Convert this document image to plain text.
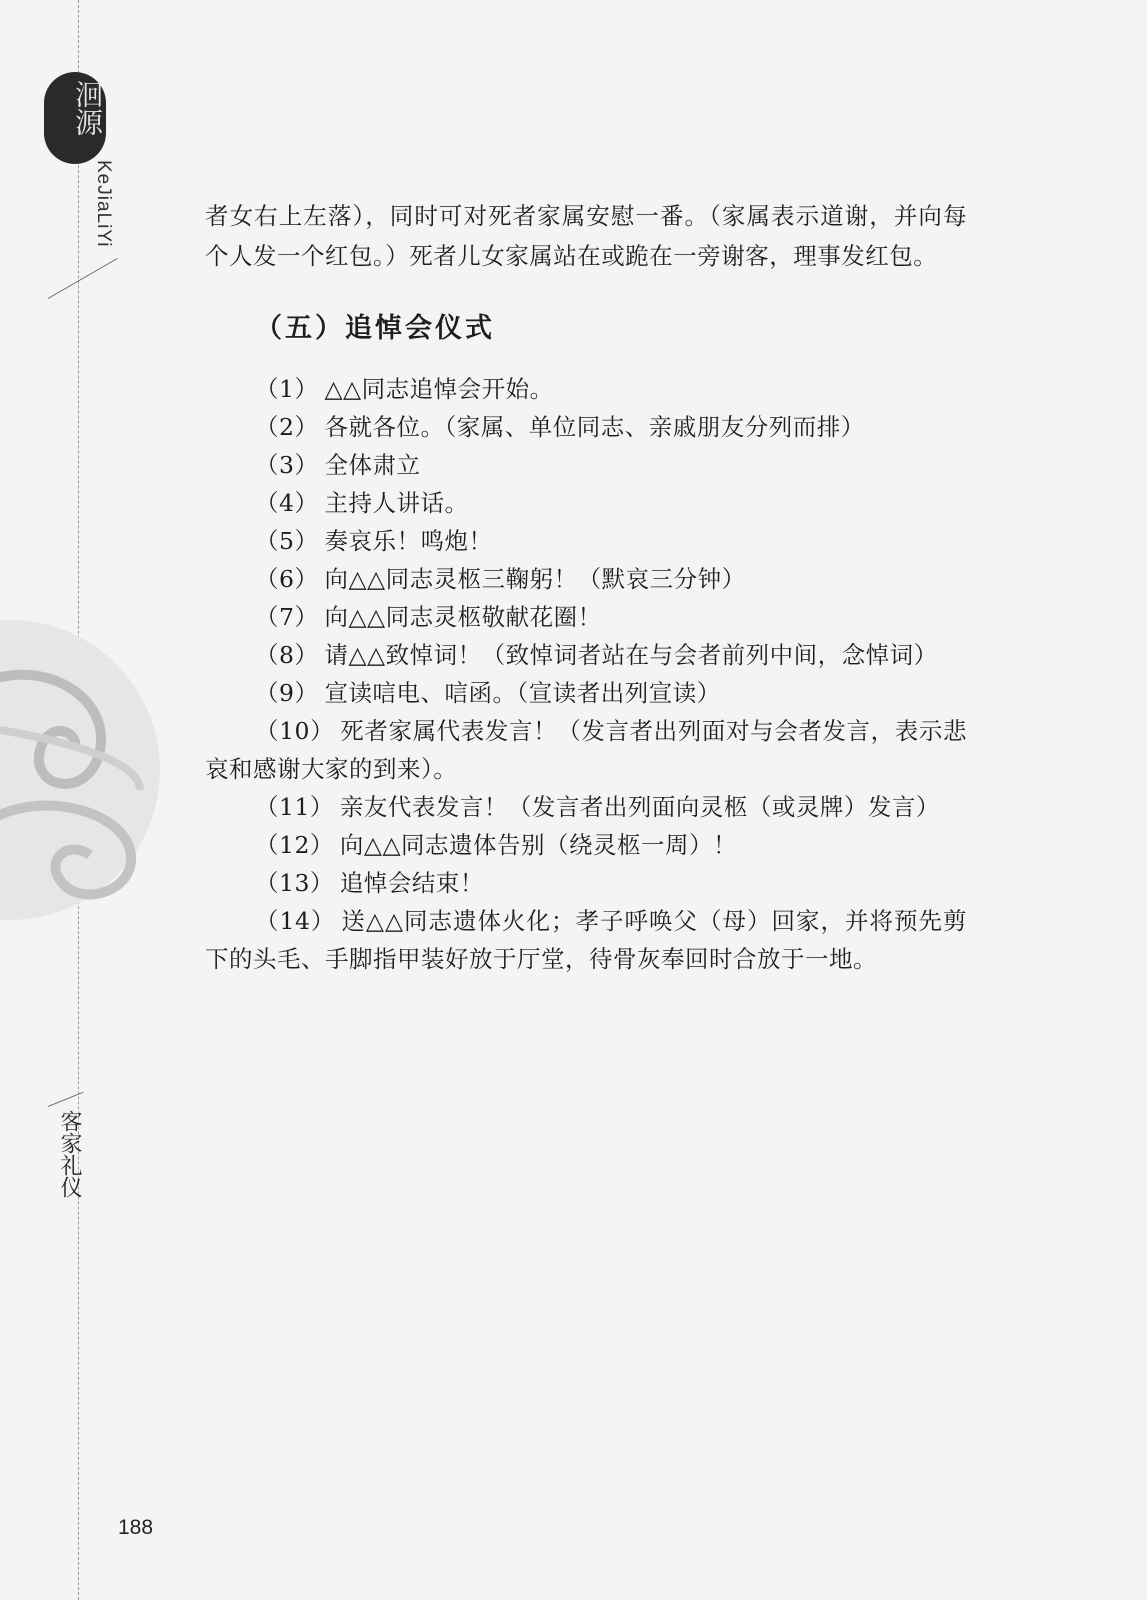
洄源
KeJiaLiYi
客家礼仪

者女右上左落），同时可对死者家属安慰一番。（家属表示道谢，并向每个人发一个红包。）死者儿女家属站在或跪在一旁谢客，理事发红包。

（五）追悼会仪式
（1） △△同志追悼会开始。
（2） 各就各位。（家属、单位同志、亲戚朋友分列而排）
（3） 全体肃立
（4） 主持人讲话。
（5） 奏哀乐！鸣炮！
（6） 向△△同志灵柩三鞠躬！（默哀三分钟）
（7） 向△△同志灵柩敬献花圈！
（8） 请△△致悼词！（致悼词者站在与会者前列中间，念悼词）
（9） 宣读唁电、唁函。（宣读者出列宣读）
（10） 死者家属代表发言！（发言者出列面对与会者发言，表示悲哀和感谢大家的到来）。
（11） 亲友代表发言！（发言者出列面向灵柩（或灵牌）发言）
（12） 向△△同志遗体告别（绕灵柩一周）！
（13） 追悼会结束！
（14） 送△△同志遗体火化；孝子呼唤父（母）回家，并将预先剪下的头毛、手脚指甲装好放于厅堂，待骨灰奉回时合放于一地。
188
